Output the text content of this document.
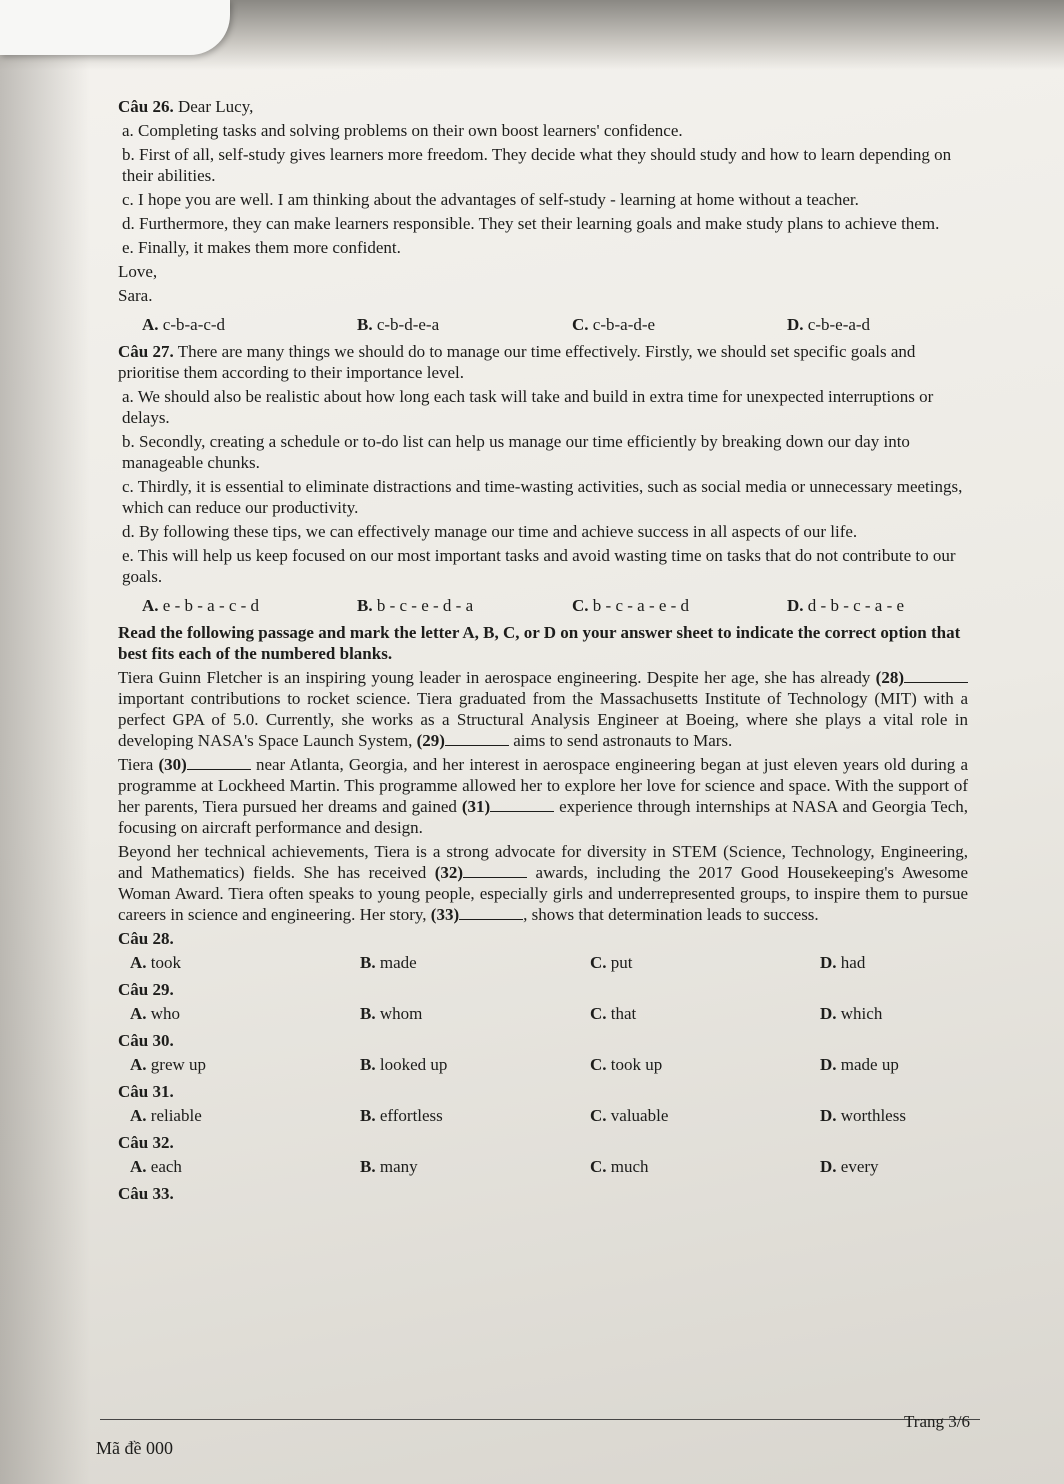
Câu 26. Dear Lucy,

a. Completing tasks and solving problems on their own boost learners' confidence.

b. First of all, self-study gives learners more freedom. They decide what they should study and how to learn depending on their abilities.

c. I hope you are well. I am thinking about the advantages of self-study - learning at home without a teacher.

d. Furthermore, they can make learners responsible. They set their learning goals and make study plans to achieve them.

e. Finally, it makes them more confident.

Love,

Sara.

A. c-b-a-c-d	B. c-b-d-e-a	C. c-b-a-d-e	D. c-b-e-a-d

Câu 27. There are many things we should do to manage our time effectively. Firstly, we should set specific goals and prioritise them according to their importance level.

a. We should also be realistic about how long each task will take and build in extra time for unexpected interruptions or delays.

b. Secondly, creating a schedule or to-do list can help us manage our time efficiently by breaking down our day into manageable chunks.

c. Thirdly, it is essential to eliminate distractions and time-wasting activities, such as social media or unnecessary meetings, which can reduce our productivity.

d. By following these tips, we can effectively manage our time and achieve success in all aspects of our life.

e. This will help us keep focused on our most important tasks and avoid wasting time on tasks that do not contribute to our goals.

A. e - b - a - c - d	B. b - c - e - d - a	C. b - c - a - e - d	D. d - b - c - a - e

Read the following passage and mark the letter A, B, C, or D on your answer sheet to indicate the correct option that best fits each of the numbered blanks.

Tiera Guinn Fletcher is an inspiring young leader in aerospace engineering. Despite her age, she has already (28) important contributions to rocket science. Tiera graduated from the Massachusetts Institute of Technology (MIT) with a perfect GPA of 5.0. Currently, she works as a Structural Analysis Engineer at Boeing, where she plays a vital role in developing NASA's Space Launch System, (29)	aims to send astronauts to Mars.

Tiera (30)	near Atlanta, Georgia, and her interest in aerospace engineering began at just eleven years old during a programme at Lockheed Martin. This programme allowed her to explore her love for science and space. With the support of her parents, Tiera pursued her dreams and gained (31)	experience through internships at NASA and Georgia Tech, focusing on aircraft performance and design.

Beyond her technical achievements, Tiera is a strong advocate for diversity in STEM (Science, Technology, Engineering, and Mathematics) fields. She has received (32)	awards, including the 2017 Good Housekeeping's Awesome Woman Award. Tiera often speaks to young people, especially girls and underrepresented groups, to inspire them to pursue careers in science and engineering. Her story, (33)	, shows that determination leads to success.

Câu 28.

A. took	B. made	C. put	D. had

Câu 29.

A. who	B. whom	C. that	D. which

Câu 30.

A. grew up	B. looked up	C. took up	D. made up

Câu 31.

A. reliable	B. effortless	C. valuable	D. worthless

Câu 32.

A. each	B. many	C. much	D. every

Câu 33.

Trang 3/6
Mã đề 000
